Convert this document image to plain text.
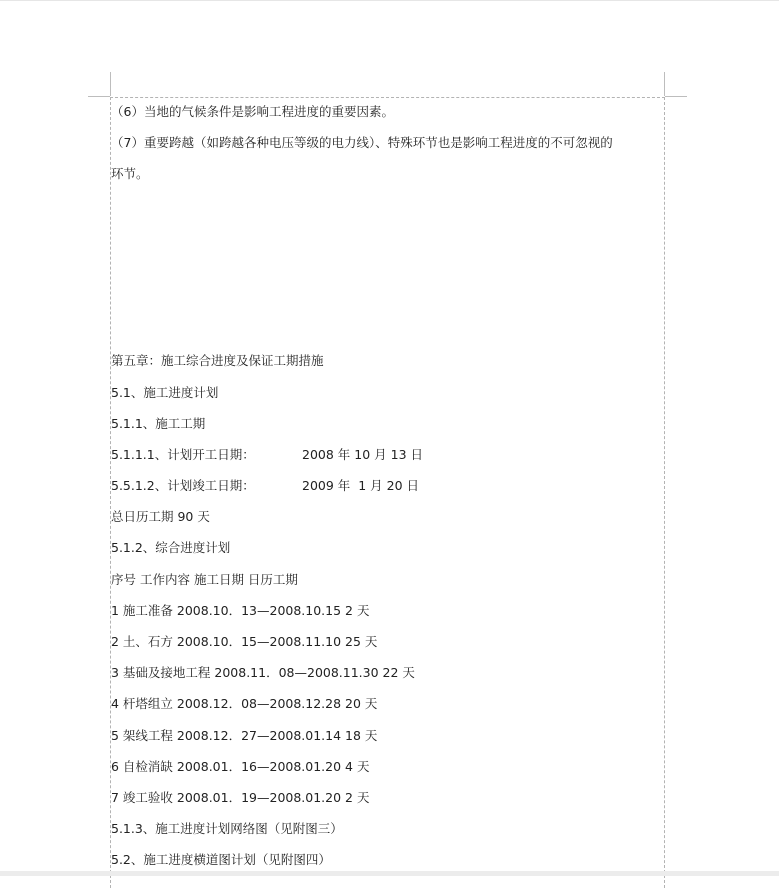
（6）当地的气候条件是影响工程进度的重要因素。
（7）重要跨越（如跨越各种电压等级的电力线）、特殊环节也是影响工程进度的不可忽视的
环节。
第五章：施工综合进度及保证工期措施
5.1、施工进度计划
5.1.1、施工工期
5.1.1.1、计划开工日期：	2008 年 10 月 13 日
5.5.1.2、计划竣工日期：	2009 年  1 月 20 日
总日历工期 90 天
5.1.2、综合进度计划
序号 工作内容 施工日期 日历工期
1 施工准备 2008.10．13—2008.10.15 2 天
2 土、石方 2008.10．15—2008.11.10 25 天
3 基础及接地工程 2008.11．08—2008.11.30 22 天
4 杆塔组立 2008.12．08—2008.12.28 20 天
5 架线工程 2008.12．27—2008.01.14 18 天
6 自检消缺 2008.01．16—2008.01.20 4 天
7 竣工验收 2008.01．19—2008.01.20 2 天
5.1.3、施工进度计划网络图（见附图三）
5.2、施工进度横道图计划（见附图四）
